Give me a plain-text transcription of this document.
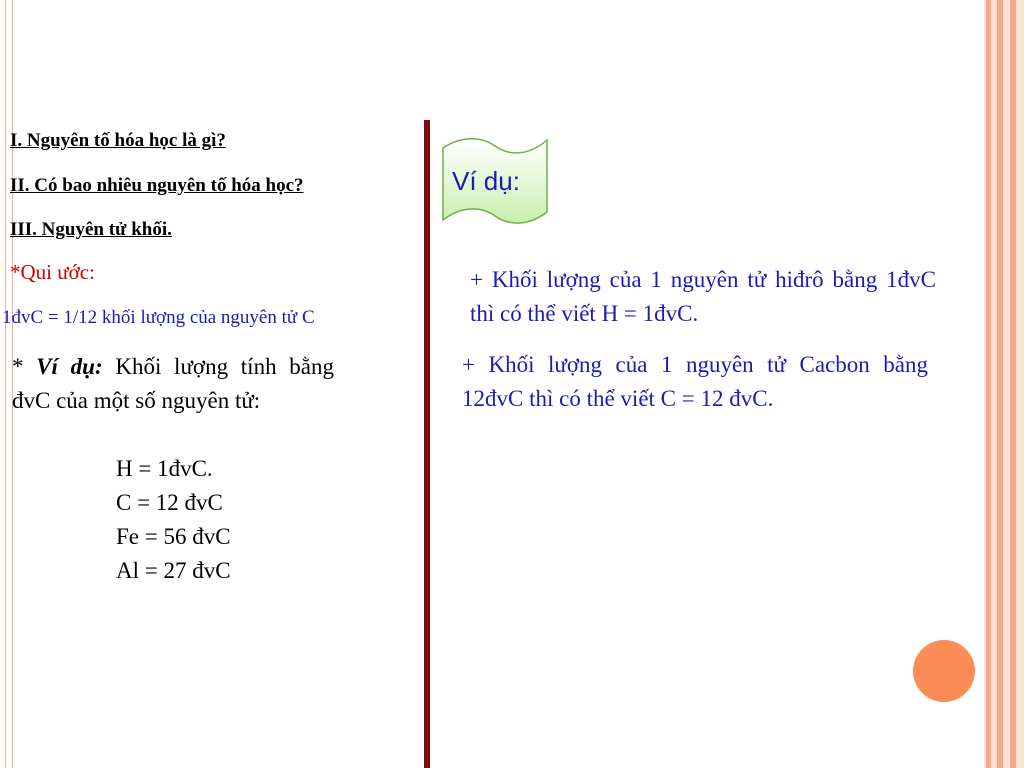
I. Nguyên tố hóa học là gì?
II. Có bao nhiêu nguyên tố hóa học?
III. Nguyên tử khối.
*Qui ước:
1đvC = 1/12 khối lượng của nguyên tử C
* Ví dụ: Khối lượng tính bằng đvC của một số nguyên tử:
H = 1đvC.
C = 12 đvC
Fe = 56 đvC
Al = 27 đvC
Ví dụ:
+ Khối lượng của 1 nguyên tử hiđrô bằng 1đvC thì có thể viết H = 1đvC.
+ Khối lượng của 1 nguyên tử Cacbon bằng 12đvC thì có thể viết C = 12 đvC.
